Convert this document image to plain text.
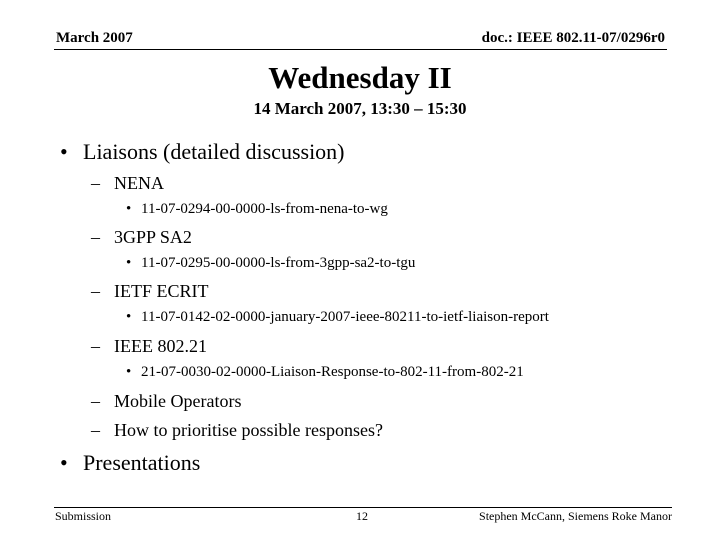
March 2007	doc.: IEEE 802.11-07/0296r0
Wednesday II
14 March 2007, 13:30 – 15:30
• Liaisons (detailed discussion)
– NENA
• 11-07-0294-00-0000-ls-from-nena-to-wg
– 3GPP SA2
• 11-07-0295-00-0000-ls-from-3gpp-sa2-to-tgu
– IETF ECRIT
• 11-07-0142-02-0000-january-2007-ieee-80211-to-ietf-liaison-report
– IEEE 802.21
• 21-07-0030-02-0000-Liaison-Response-to-802-11-from-802-21
– Mobile Operators
– How to prioritise possible responses?
• Presentations
Submission	12	Stephen McCann, Siemens Roke Manor
